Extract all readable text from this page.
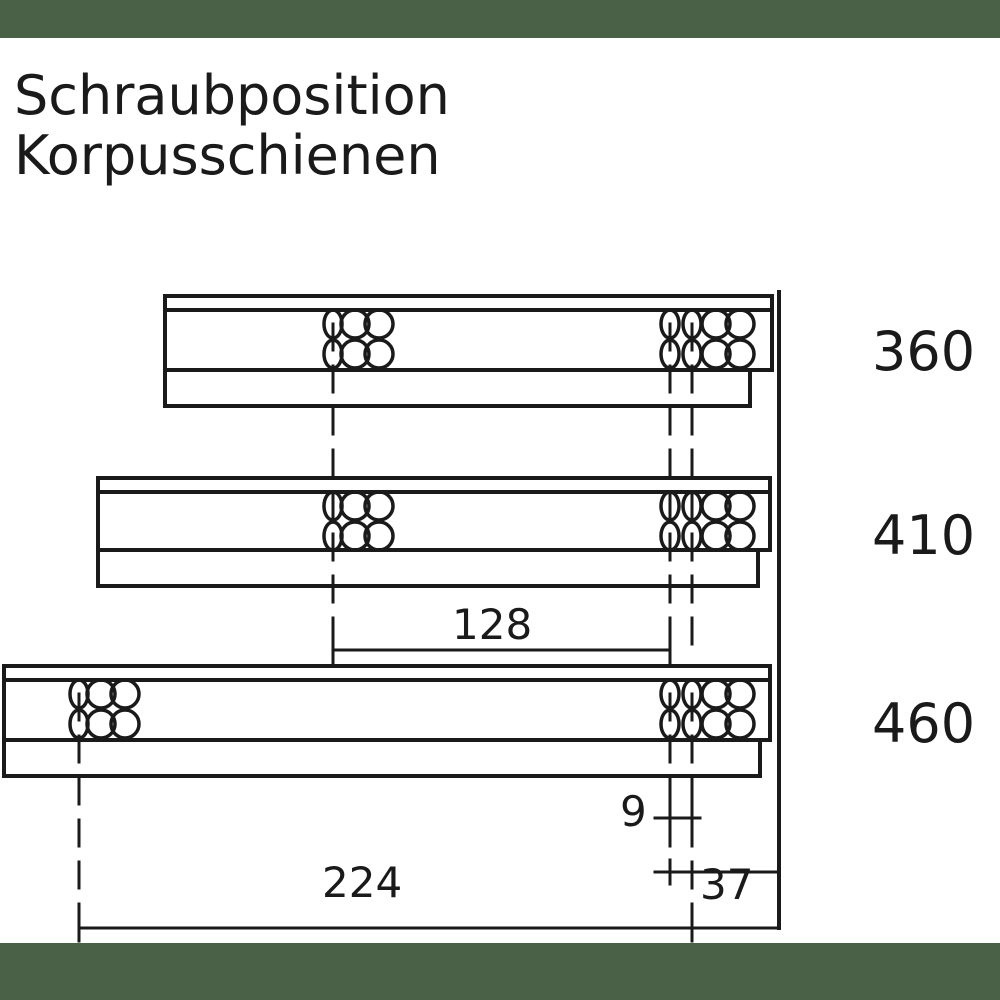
Schraubposition
Korpusschienen
360
410
460
128
224
9
37
